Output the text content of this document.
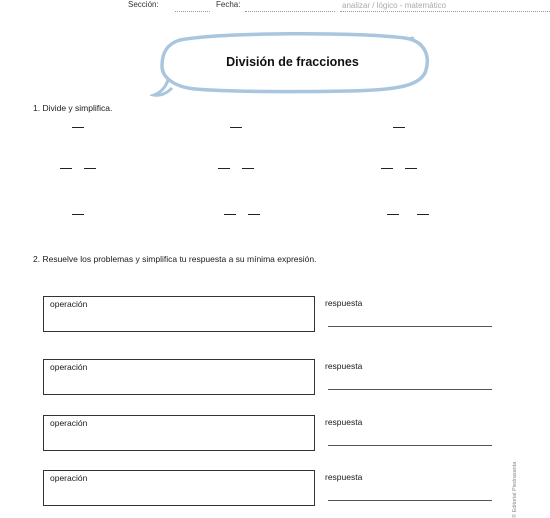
Sección:	Fecha:	analizar / lógico - matemático
División de fracciones
1. Divide y simplifica.
2. Resuelve los problemas y simplifica tu respuesta a su mínima expresión.
operación	respuesta
operación	respuesta
operación	respuesta
operación	respuesta	© Editorial Piedrasanta
